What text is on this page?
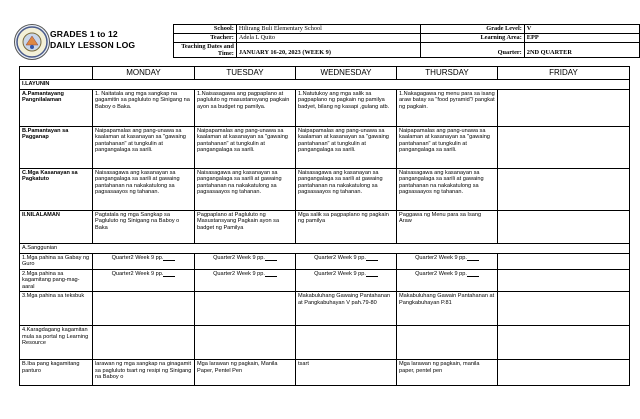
GRADES 1 to 12
DAILY LESSON LOG
School:	Hilirang Buli Elementary School	Grade Level:	V
Teacher:	Adela L Quito	Learning Area:	EPP
Teaching Dates and
Time:	JANUARY 16-20, 2023 (WEEK 9)	Quarter:	2ND QUARTER
	MONDAY	TUESDAY	WEDNESDAY	THURSDAY	FRIDAY
I.LAYUNIN					
A.Pamantayang Pangnilalaman	1. Naitatala ang mga sangkap na gagamitin sa pagluluto ng Sinigang na Baboy o Baka.	1.Naisasagawa ang pagpaplano at pagluluto ng masustansyang pagkain ayon sa budget ng pamilya.	1.Natutukoy ang mga salik sa pagpaplano ng pagkain ng pamilya badyet, bilang ng kasapi ,gulang atb.	1.Nakagagawa ng menu para sa isang araw batay sa "food pyramid"/ pangkat ng pagkain.	
B.Pamantayan sa Pagganap	Naipapamalas ang pang-unawa sa kaalaman at kasanayan sa "gawaing pantahanan" at tungkulin at pangangalaga sa sarili.	Naipapamalas ang pang-unawa sa kaalaman at kasanayan sa "gawaing pantahanan" at tungkulin at pangangalaga sa sarili.	Naipapamalas ang pang-unawa sa kaalaman at kasanayan sa "gawaing pantahanan" at tungkulin at pangangalaga sa sarili.	Naipapamalas ang pang-unawa sa kaalaman at kasanayan sa "gawaing pantahanan" at tungkulin at pangangalaga sa sarili.	
C.Mga Kasanayan sa Pagkatuto	Naisasagawa ang kasanayan sa pangangalaga sa sarili at gawaing pantahanan na nakakatulong sa pagsasaayos ng tahanan.	Naisasagawa ang kasanayan sa pangangalaga sa sarili at gawaing pantahanan na nakakatulong sa pagsasaayos ng tahanan.	Naisasagawa ang kasanayan sa pangangalaga sa sarili at gawaing pantahanan na nakakatulong sa pagsasaayos ng tahanan.	Naisasagawa ang kasanayan sa pangangalaga sa sarili at gawaing pantahanan na nakakatulong sa pagsasaayos ng tahanan.	
II.NILALAMAN	Pagtatala ng mga Sangkap sa Pagluluto ng Sinigang na Baboy o Baka	Pagpaplano at Pagluluto ng Masustansyang Pagkain ayon sa badget ng Pamilya	Mga salik sa pagpaplano ng pagkain ng pamilya	Paggawa ng Menu para sa Isang Araw	
A.Sanggunian					
1.Mga pahina sa Gabay ng Guro	Quarter2 Week 9 pp.	Quarter2 Week 9 pp.	Quarter2 Week 9 pp.	Quarter2 Week 9 pp.	
2.Mga pahina sa kagamitang pang-mag-aaral	Quarter2 Week 9 pp.	Quarter2 Week 9 pp.	Quarter2 Week 9 pp.	Quarter2 Week 9 pp.	
3.Mga pahina sa teksbuk			Makabuluhang Gawaing Pantahanan at Pangkabuhayan V pah.79-80	Makabuluhang Gawain Pantahanan at Pangkabuhayan P.81	
4.Karagdagang kagamitan mula sa portal ng Learning Resource					
B.Iba pang kagamitang panturo	larawan ng mga sangkap na ginagamit sa pagluluto tsart ng resipi ng Sinigang na Baboy o	Mga larawan ng pagkain, Manila Paper, Pentel Pen	tsart	Mga larawan ng pagkain, manila paper, pentel pen	
